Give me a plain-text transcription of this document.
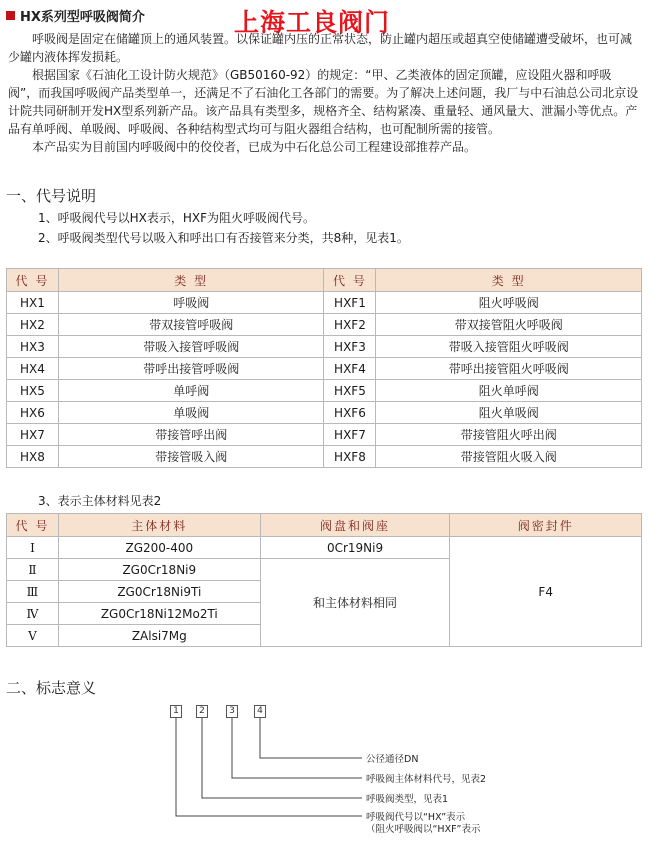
HX系列型呼吸阀简介	上海工良阀门

呼吸阀是固定在储罐顶上的通风装置。以保证罐内压的正常状态，防止罐内超压或超真空使储罐遭受破坏，也可减少罐内液体挥发损耗。

根据国家《石油化工设计防火规范》（GB50160-92）的规定：“甲、乙类液体的固定顶罐，应设阻火器和呼吸阀”，而我国呼吸阀产品类型单一，还满足不了石油化工各部门的需要。为了解决上述问题，我厂与中石油总公司北京设计院共同研制开发HX型系列新产品。该产品具有类型多，规格齐全、结构紧凑、重量轻、通风量大、泄漏小等优点。产品有单呼阀、单吸阀、呼吸阀、各种结构型式均可与阻火器组合结构，也可配制所需的接管。

本产品实为目前国内呼吸阀中的佼佼者，已成为中石化总公司工程建设部推荐产品。

一、代号说明
1、呼吸阀代号以HX表示，HXF为阻火呼吸阀代号。
2、呼吸阀类型代号以吸入和呼出口有否接管来分类，共8种，见表1。
代 号	类 型	代 号	类 型
HX1	呼吸阀	HXF1	阻火呼吸阀
HX2	带双接管呼吸阀	HXF2	带双接管阻火呼吸阀
HX3	带吸入接管呼吸阀	HXF3	带吸入接管阻火呼吸阀
HX4	带呼出接管呼吸阀	HXF4	带呼出接管阻火呼吸阀
HX5	单呼阀	HXF5	阻火单呼阀
HX6	单吸阀	HXF6	阻火单吸阀
HX7	带接管呼出阀	HXF7	带接管阻火呼出阀
HX8	带接管吸入阀	HXF8	带接管阻火吸入阀
3、表示主体材料见表2
代 号	主体材料	阀盘和阀座	阀密封件
Ⅰ	ZG200-400	0Cr19Ni9	F4
Ⅱ	ZG0Cr18Ni9	和主体材料相同	
Ⅲ	ZG0Cr18Ni9Ti		
Ⅳ	ZG0Cr18Ni12Mo2Ti		
Ⅴ	ZAlsi7Mg		
二、标志意义
1	2	3	4
公径通径DN
呼吸阀主体材料代号，见表2
呼吸阀类型，见表1
呼吸阀代号以“HX”表示
（阻火呼吸阀以“HXF”表示
